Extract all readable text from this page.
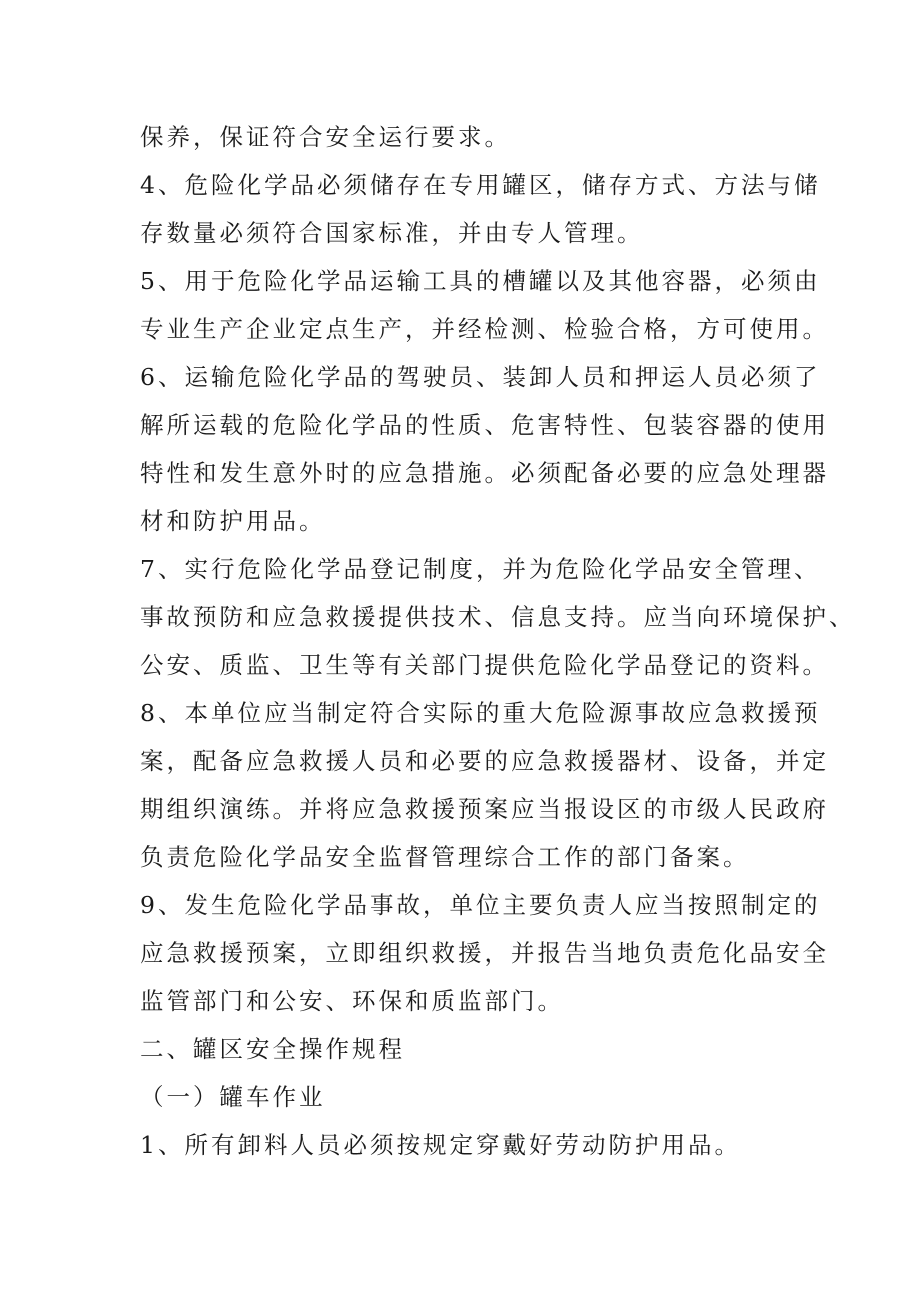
保养，保证符合安全运行要求。
4、危险化学品必须储存在专用罐区，储存方式、方法与储
存数量必须符合国家标准，并由专人管理。
5、用于危险化学品运输工具的槽罐以及其他容器，必须由
专业生产企业定点生产，并经检测、检验合格，方可使用。
6、运输危险化学品的驾驶员、装卸人员和押运人员必须了
解所运载的危险化学品的性质、危害特性、包装容器的使用
特性和发生意外时的应急措施。必须配备必要的应急处理器
材和防护用品。
7、实行危险化学品登记制度，并为危险化学品安全管理、
事故预防和应急救援提供技术、信息支持。应当向环境保护、
公安、质监、卫生等有关部门提供危险化学品登记的资料。
8、本单位应当制定符合实际的重大危险源事故应急救援预
案，配备应急救援人员和必要的应急救援器材、设备，并定
期组织演练。并将应急救援预案应当报设区的市级人民政府
负责危险化学品安全监督管理综合工作的部门备案。
9、发生危险化学品事故，单位主要负责人应当按照制定的
应急救援预案，立即组织救援，并报告当地负责危化品安全
监管部门和公安、环保和质监部门。
二、罐区安全操作规程
（一）罐车作业
1、所有卸料人员必须按规定穿戴好劳动防护用品。
